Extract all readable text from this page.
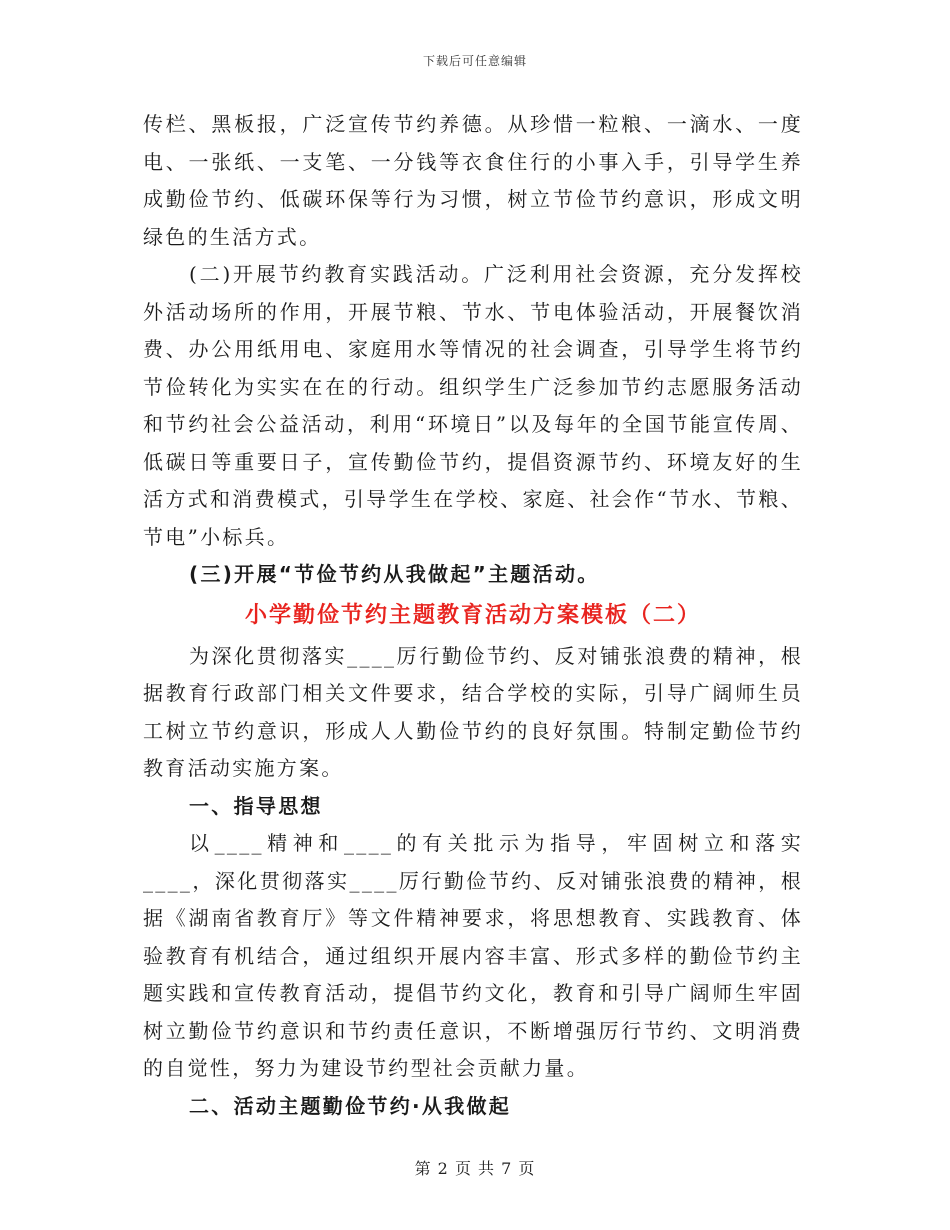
下载后可任意编辑

传栏、黑板报，广泛宣传节约养德。从珍惜一粒粮、一滴水、一度电、一张纸、一支笔、一分钱等衣食住行的小事入手，引导学生养成勤俭节约、低碳环保等行为习惯，树立节俭节约意识，形成文明绿色的生活方式。

(二)开展节约教育实践活动。广泛利用社会资源，充分发挥校外活动场所的作用，开展节粮、节水、节电体验活动，开展餐饮消费、办公用纸用电、家庭用水等情况的社会调查，引导学生将节约节俭转化为实实在在的行动。组织学生广泛参加节约志愿服务活动和节约社会公益活动，利用“环境日”以及每年的全国节能宣传周、低碳日等重要日子，宣传勤俭节约，提倡资源节约、环境友好的生活方式和消费模式，引导学生在学校、家庭、社会作“节水、节粮、节电”小标兵。

(三)开展“节俭节约从我做起”主题活动。

小学勤俭节约主题教育活动方案模板（二）

为深化贯彻落实____厉行勤俭节约、反对铺张浪费的精神，根据教育行政部门相关文件要求，结合学校的实际，引导广阔师生员工树立节约意识，形成人人勤俭节约的良好氛围。特制定勤俭节约教育活动实施方案。

一、指导思想

以____精神和____的有关批示为指导，牢固树立和落实____，深化贯彻落实____厉行勤俭节约、反对铺张浪费的精神，根据《湖南省教育厅》等文件精神要求，将思想教育、实践教育、体验教育有机结合，通过组织开展内容丰富、形式多样的勤俭节约主题实践和宣传教育活动，提倡节约文化，教育和引导广阔师生牢固树立勤俭节约意识和节约责任意识，不断增强厉行节约、文明消费的自觉性，努力为建设节约型社会贡献力量。

二、活动主题勤俭节约·从我做起

第 2 页 共 7 页
